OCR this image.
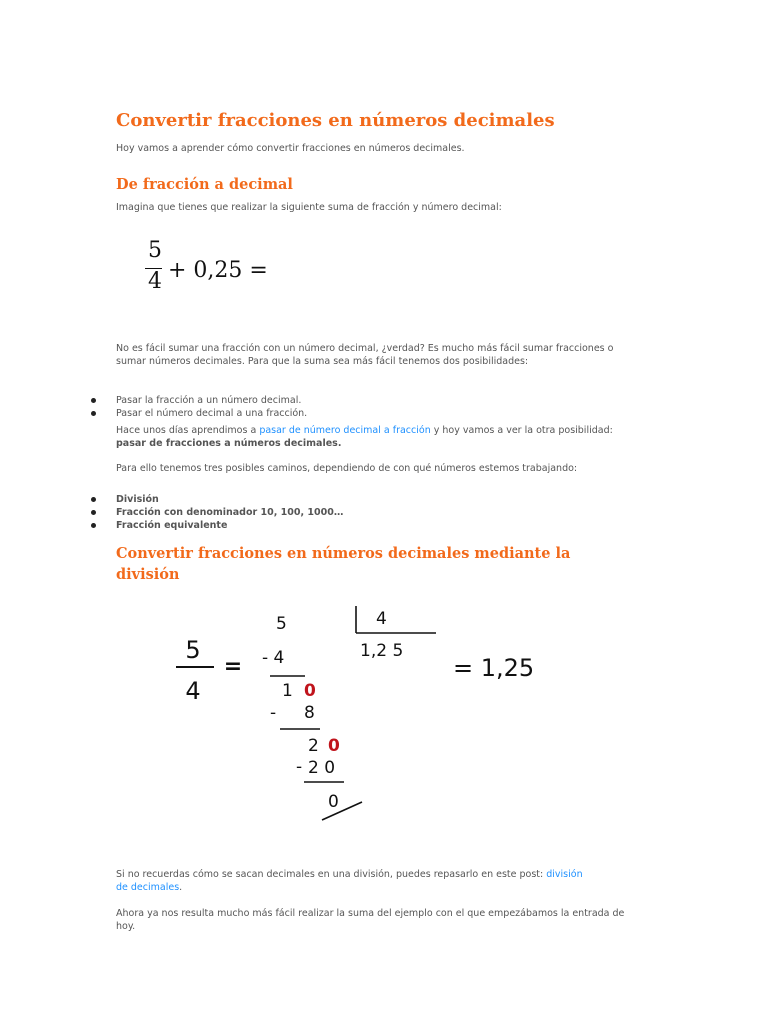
Convertir fracciones en números decimales

Hoy vamos a aprender cómo convertir fracciones en números decimales.

De fracción a decimal

Imagina que tienes que realizar la siguiente suma de fracción y número decimal:

5
4 + 0,25 =

No es fácil sumar una fracción con un número decimal, ¿verdad? Es mucho más fácil sumar fracciones o sumar números decimales. Para que la suma sea más fácil tenemos dos posibilidades:

Pasar la fracción a un número decimal.
Pasar el número decimal a una fracción.

Hace unos días aprendimos a pasar de número decimal a fracción y hoy vamos a ver la otra posibilidad: pasar de fracciones a números decimales.

Para ello tenemos tres posibles caminos, dependiendo de con qué números estemos trabajando:

División
Fracción con denominador 10, 100, 1000…
Fracción equivalente
Convertir fracciones en números decimales mediante la división
5
4
=
5
- 4
1 0
- 8
2 0
- 2 0
0
4
1,2 5
= 1,25

Si no recuerdas cómo se sacan decimales en una división, puedes repasarlo en este post: división de decimales.

Ahora ya nos resulta mucho más fácil realizar la suma del ejemplo con el que empezábamos la entrada de hoy.
